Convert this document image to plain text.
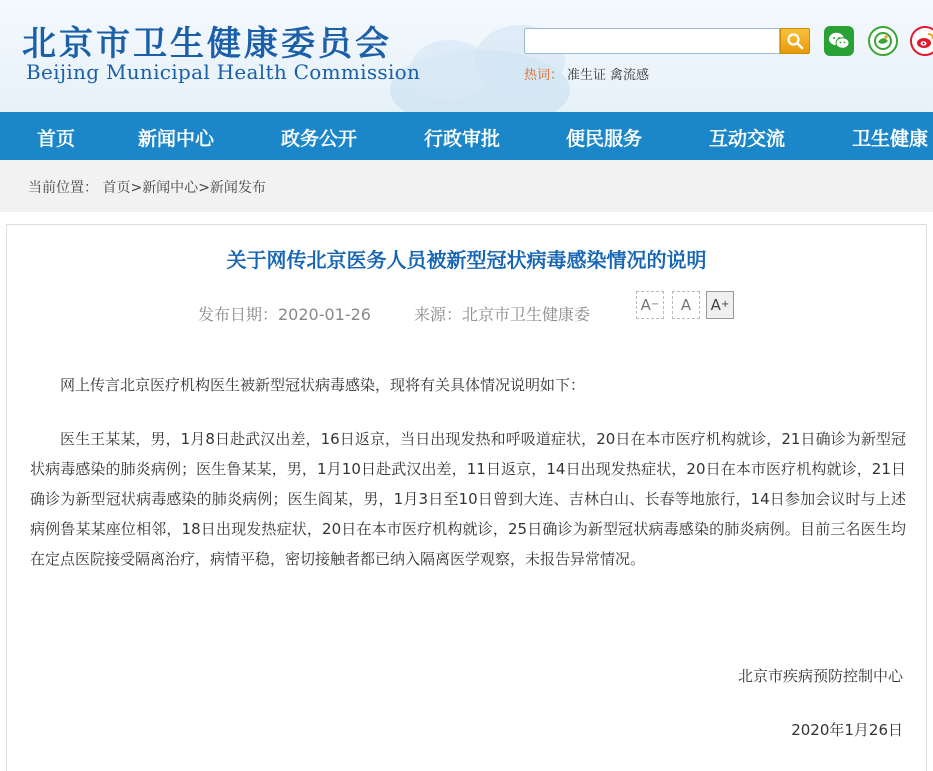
北京市卫生健康委员会
Beijing Municipal Health Commission	热词： 准生证 禽流感
首页	新闻中心	政务公开	行政审批	便民服务	互动交流	卫生健康
当前位置： 首页>新闻中心>新闻发布
关于网传北京医务人员被新型冠状病毒感染情况的说明
发布日期：2020-01-26	来源：北京市卫生健康委	A − A A +

网上传言北京医疗机构医生被新型冠状病毒感染，现将有关具体情况说明如下：

医生王某某，男，1月8日赴武汉出差，16日返京，当日出现发热和呼吸道症状，20日在本市医疗机构就诊，21日确诊为新型冠状病毒感染的肺炎病例；医生鲁某某，男，1月10日赴武汉出差，11日返京，14日出现发热症状，20日在本市医疗机构就诊，21日确诊为新型冠状病毒感染的肺炎病例；医生阎某，男，1月3日至10日曾到大连、吉林白山、长春等地旅行，14日参加会议时与上述病例鲁某某座位相邻，18日出现发热症状，20日在本市医疗机构就诊，25日确诊为新型冠状病毒感染的肺炎病例。目前三名医生均在定点医院接受隔离治疗，病情平稳，密切接触者都已纳入隔离医学观察，未报告异常情况。

北京市疾病预防控制中心
2020年1月26日
